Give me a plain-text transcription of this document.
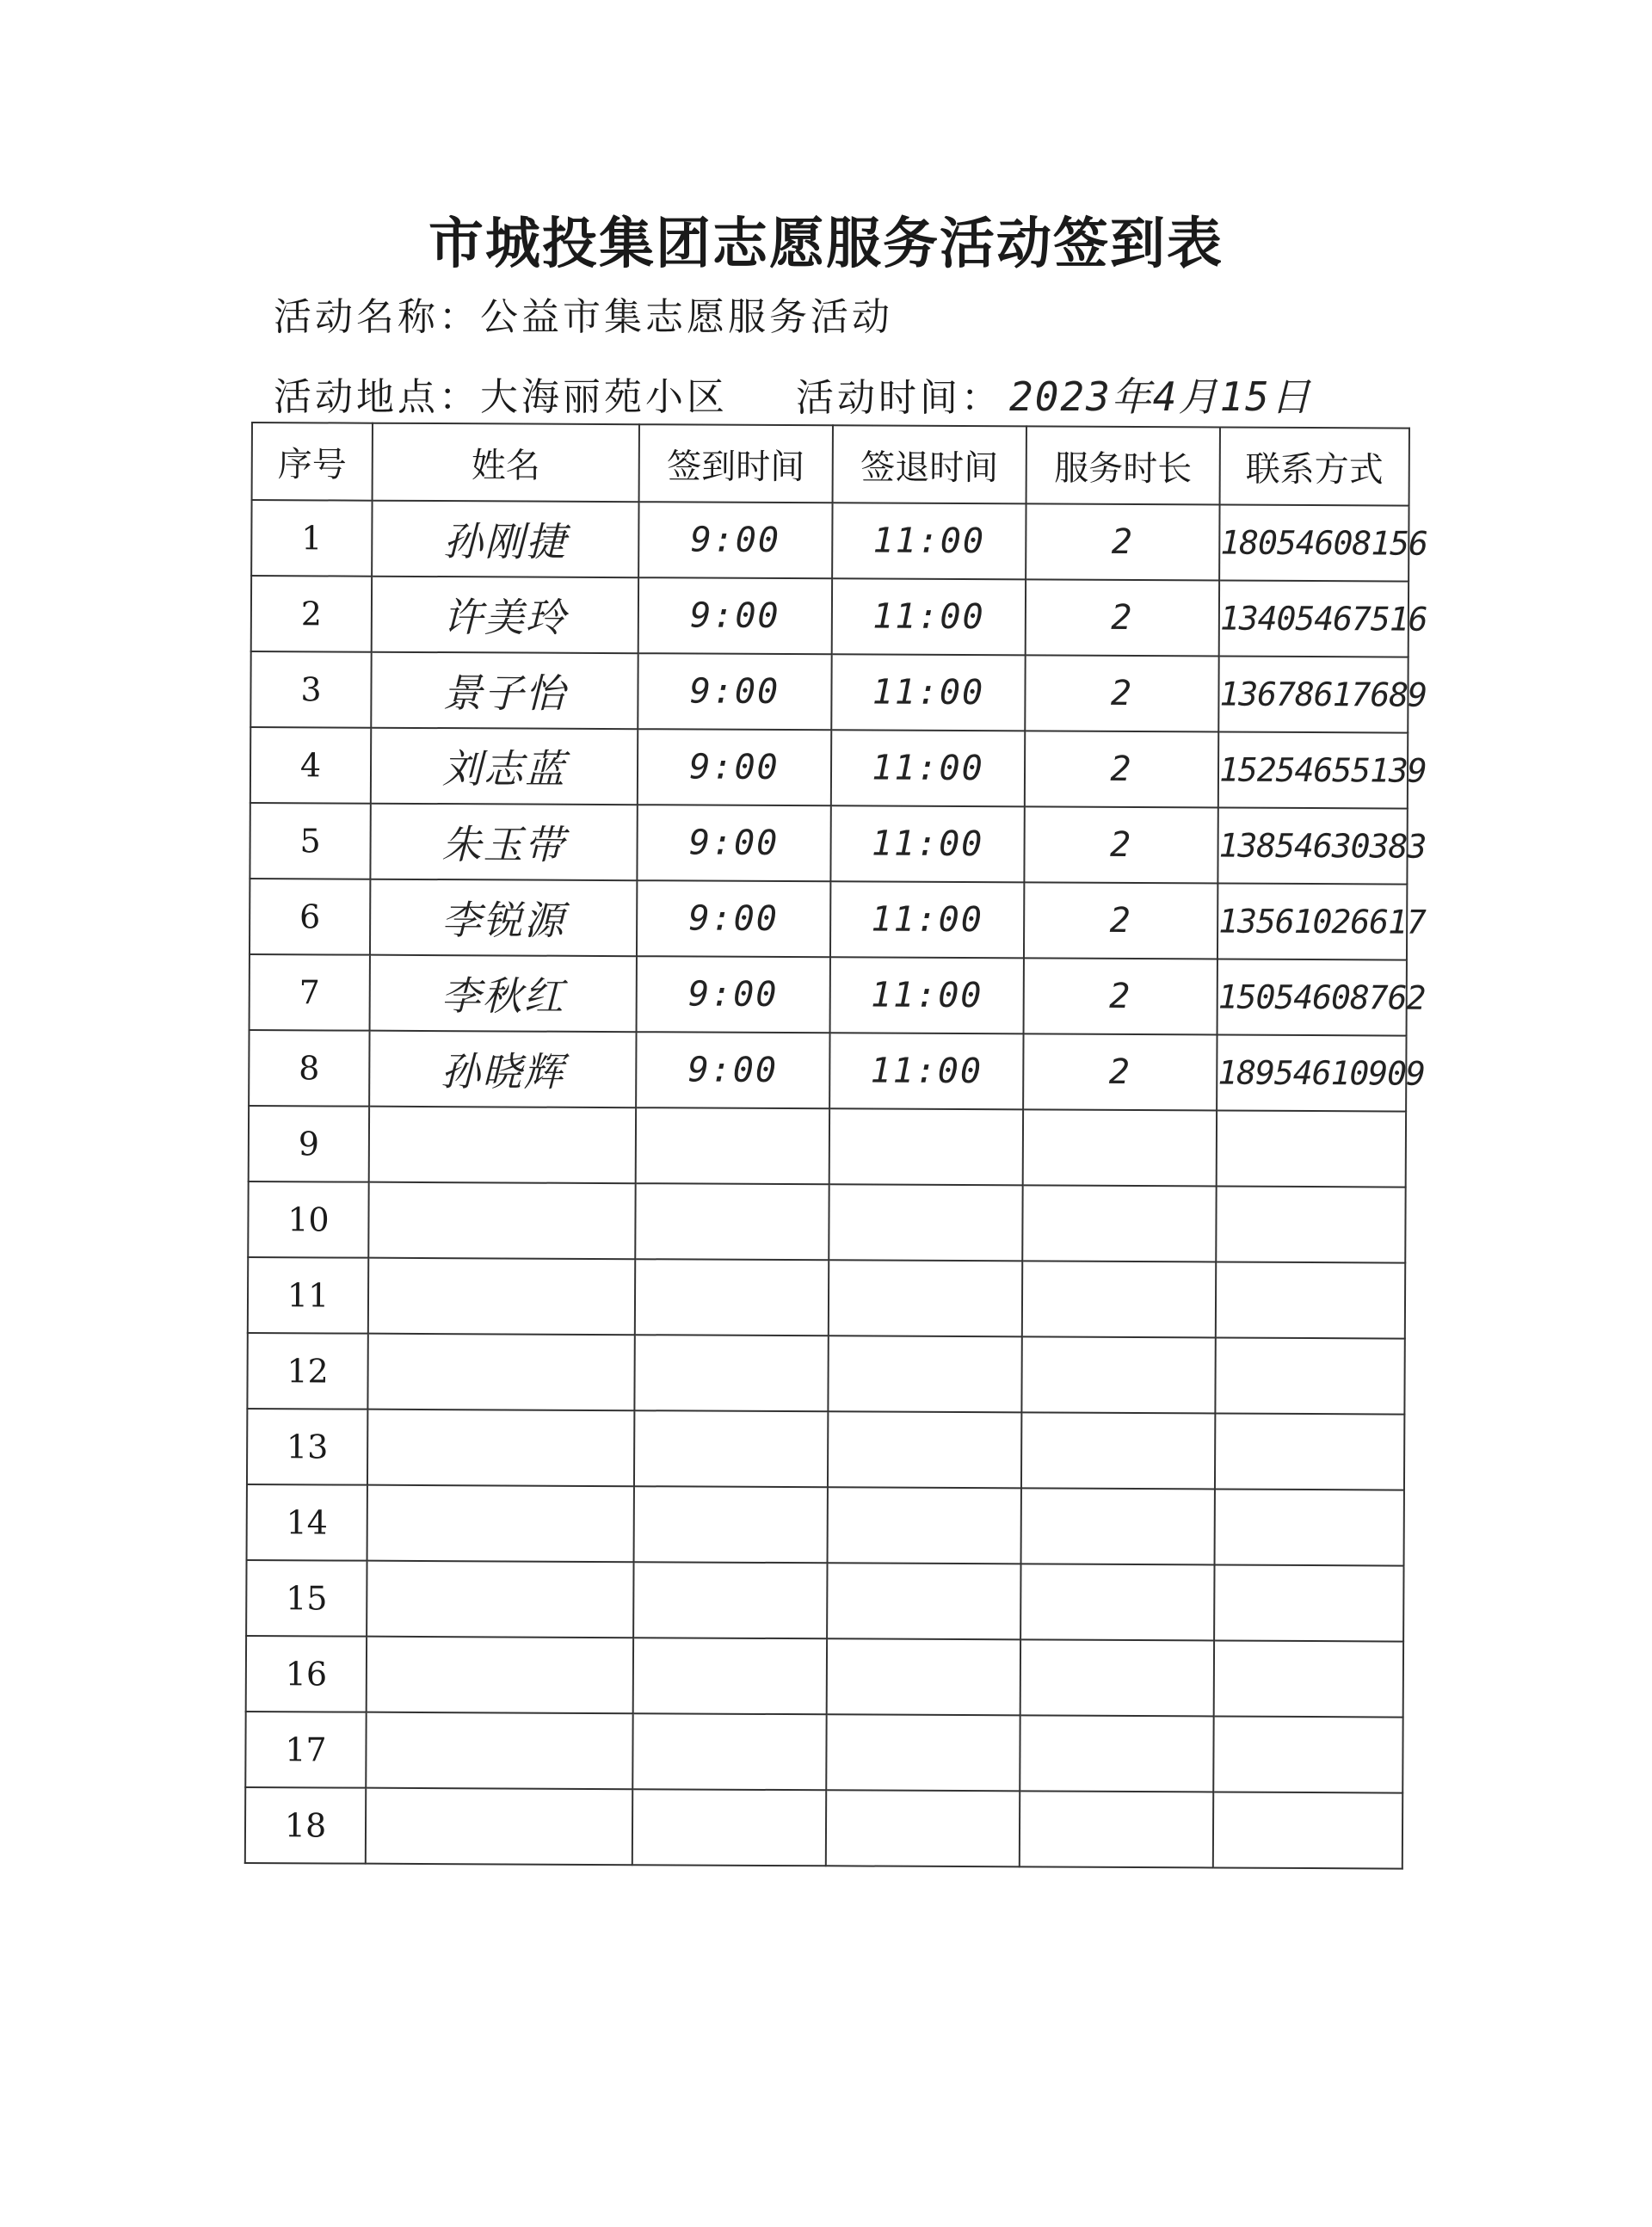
市城投集团志愿服务活动签到表
活动名称：公益市集志愿服务活动
活动地点：大海丽苑小区 活动时间： 2023年4月15日
序号	姓名	签到时间	签退时间	服务时长	联系方式
1	孙刚捷	9:00	11:00	2	18054608156
2	许美玲	9:00	11:00	2	13405467516
3	景子怡	9:00	11:00	2	13678617689
4	刘志蓝	9:00	11:00	2	15254655139
5	朱玉带	9:00	11:00	2	13854630383
6	李锐源	9:00	11:00	2	13561026617
7	李秋红	9:00	11:00	2	15054608762
8	孙晓辉	9:00	11:00	2	18954610909
9					
10					
11					
12					
13					
14					
15					
16					
17					
18					
